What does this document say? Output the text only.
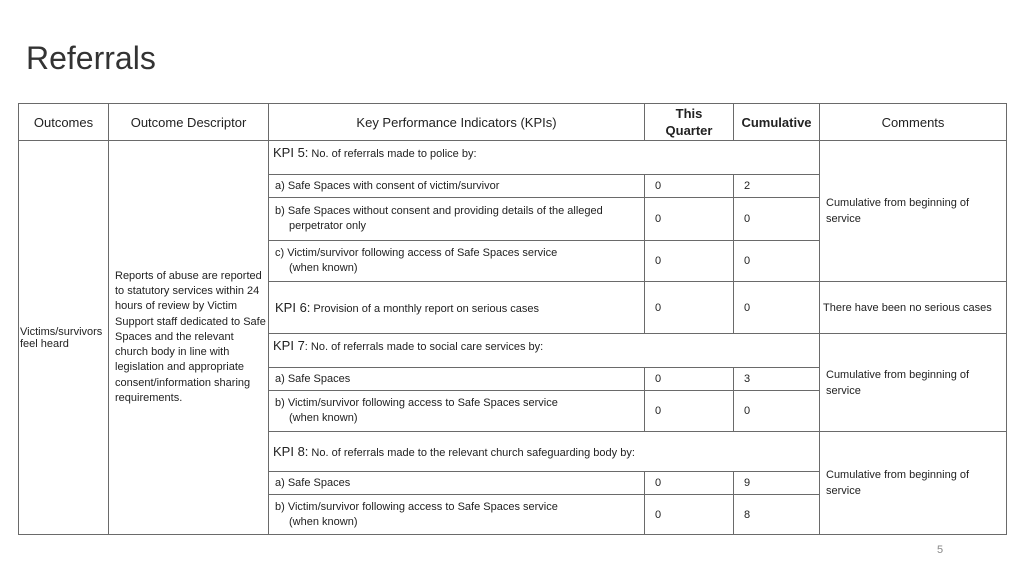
Referrals
Outcomes	Outcome Descriptor	Key Performance Indicators (KPIs)	This
Quarter	Cumulative	Comments
Victims/survivors feel heard	Reports of abuse are reported to statutory services within 24 hours of review by Victim Support staff dedicated to Safe Spaces and the relevant church body in line with legislation and appropriate consent/information sharing requirements.	KPI 5: No. of referrals made to police by:			Cumulative from beginning of service
		a) Safe Spaces with consent of victim/survivor	0	2	
		b) Safe Spaces without consent and providing details of the alleged
perpetrator only	0	0	
		c) Victim/survivor following access of Safe Spaces service
(when known)	0	0	
		KPI 6: Provision of a monthly report on serious cases	0	0	There have been no serious cases
		KPI 7: No. of referrals made to social care services by:			Cumulative from beginning of service
		a) Safe Spaces	0	3	
		b) Victim/survivor following access to Safe Spaces service
(when known)	0	0	
		KPI 8: No. of referrals made to the relevant church safeguarding body by:			Cumulative from beginning of service
		a) Safe Spaces	0	9	
		b) Victim/survivor following access to Safe Spaces service
(when known)	0	8	
5
